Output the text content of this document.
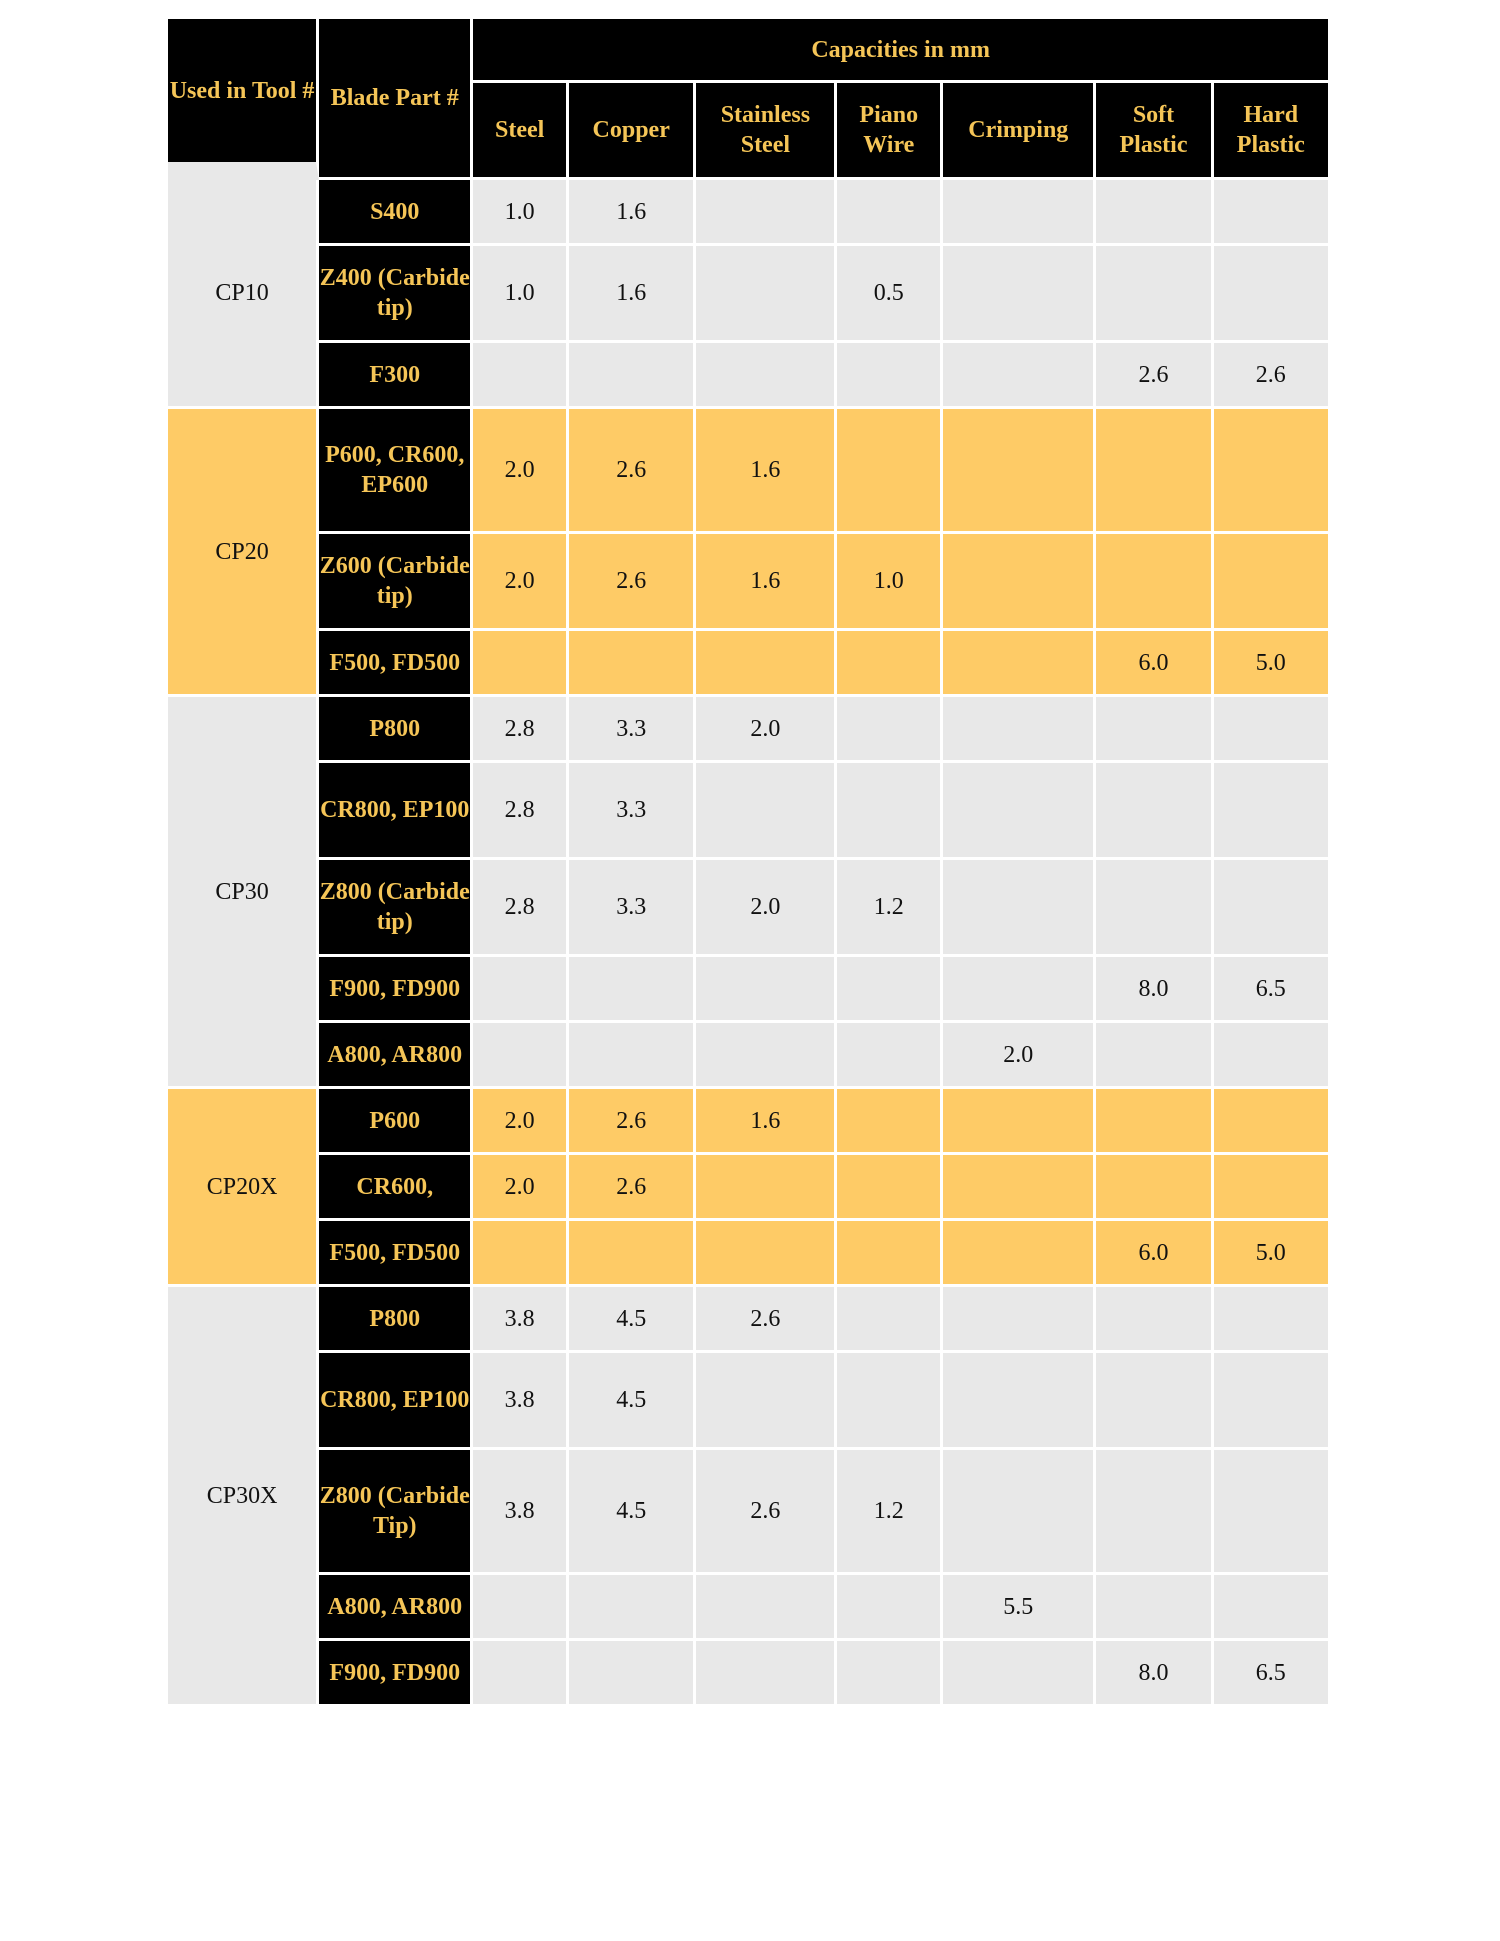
Used in Tool #	Blade Part #	Capacities in mm						
		Steel	Copper	Stainless Steel	Piano Wire	Crimping	Soft Plastic	Hard Plastic
CP10	S400	1.0	1.6					
	Z400 (Carbide tip)	1.0	1.6		0.5			
	F300						2.6	2.6
CP20	P600, CR600, EP600	2.0	2.6	1.6				
	Z600 (Carbide tip)	2.0	2.6	1.6	1.0			
	F500, FD500						6.0	5.0
CP30	P800	2.8	3.3	2.0				
	CR800, EP100	2.8	3.3					
	Z800 (Carbide tip)	2.8	3.3	2.0	1.2			
	F900, FD900						8.0	6.5
	A800, AR800					2.0		
CP20X	P600	2.0	2.6	1.6				
	CR600,	2.0	2.6					
	F500, FD500						6.0	5.0
CP30X	P800	3.8	4.5	2.6				
	CR800, EP100	3.8	4.5					
	Z800 (Carbide Tip)	3.8	4.5	2.6	1.2			
	A800, AR800					5.5		
	F900, FD900						8.0	6.5
